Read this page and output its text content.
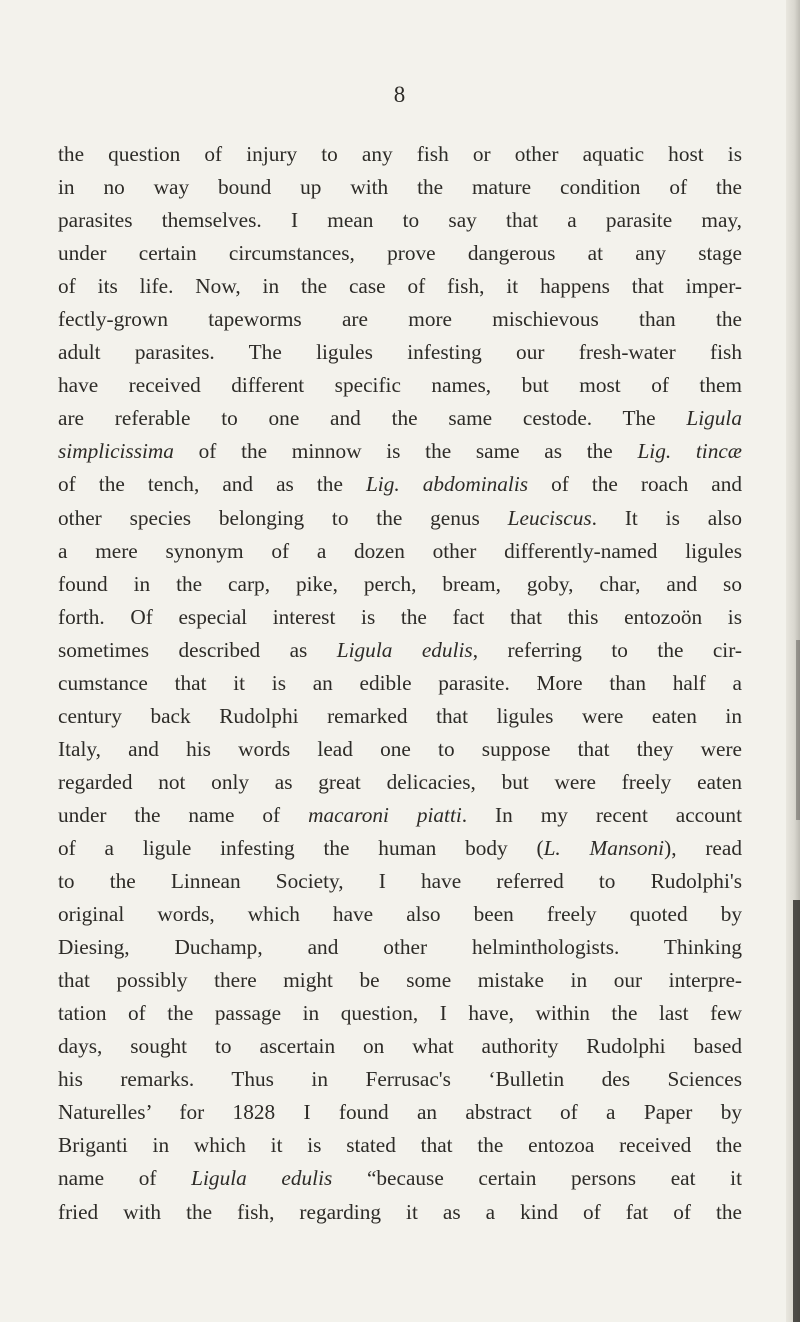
8
the question of injury to any fish or other aquatic host is
in no way bound up with the mature condition of the
parasites themselves. I mean to say that a parasite may,
under certain circumstances, prove dangerous at any stage
of its life. Now, in the case of fish, it happens that imper-
fectly-grown tapeworms are more mischievous than the
adult parasites. The ligules infesting our fresh-water fish
have received different specific names, but most of them
are referable to one and the same cestode. The Ligula
simplicissima of the minnow is the same as the Lig. tincæ
of the tench, and as the Lig. abdominalis of the roach and
other species belonging to the genus Leuciscus. It is also
a mere synonym of a dozen other differently-named ligules
found in the carp, pike, perch, bream, goby, char, and so
forth. Of especial interest is the fact that this entozoön is
sometimes described as Ligula edulis, referring to the cir-
cumstance that it is an edible parasite. More than half a
century back Rudolphi remarked that ligules were eaten in
Italy, and his words lead one to suppose that they were
regarded not only as great delicacies, but were freely eaten
under the name of macaroni piatti. In my recent account
of a ligule infesting the human body (L. Mansoni), read
to the Linnean Society, I have referred to Rudolphi's
original words, which have also been freely quoted by
Diesing, Duchamp, and other helminthologists. Thinking
that possibly there might be some mistake in our interpre-
tation of the passage in question, I have, within the last few
days, sought to ascertain on what authority Rudolphi based
his remarks. Thus in Ferrusac's ‘Bulletin des Sciences
Naturelles’ for 1828 I found an abstract of a Paper by
Briganti in which it is stated that the entozoa received the
name of Ligula edulis “because certain persons eat it
fried with the fish, regarding it as a kind of fat of the
